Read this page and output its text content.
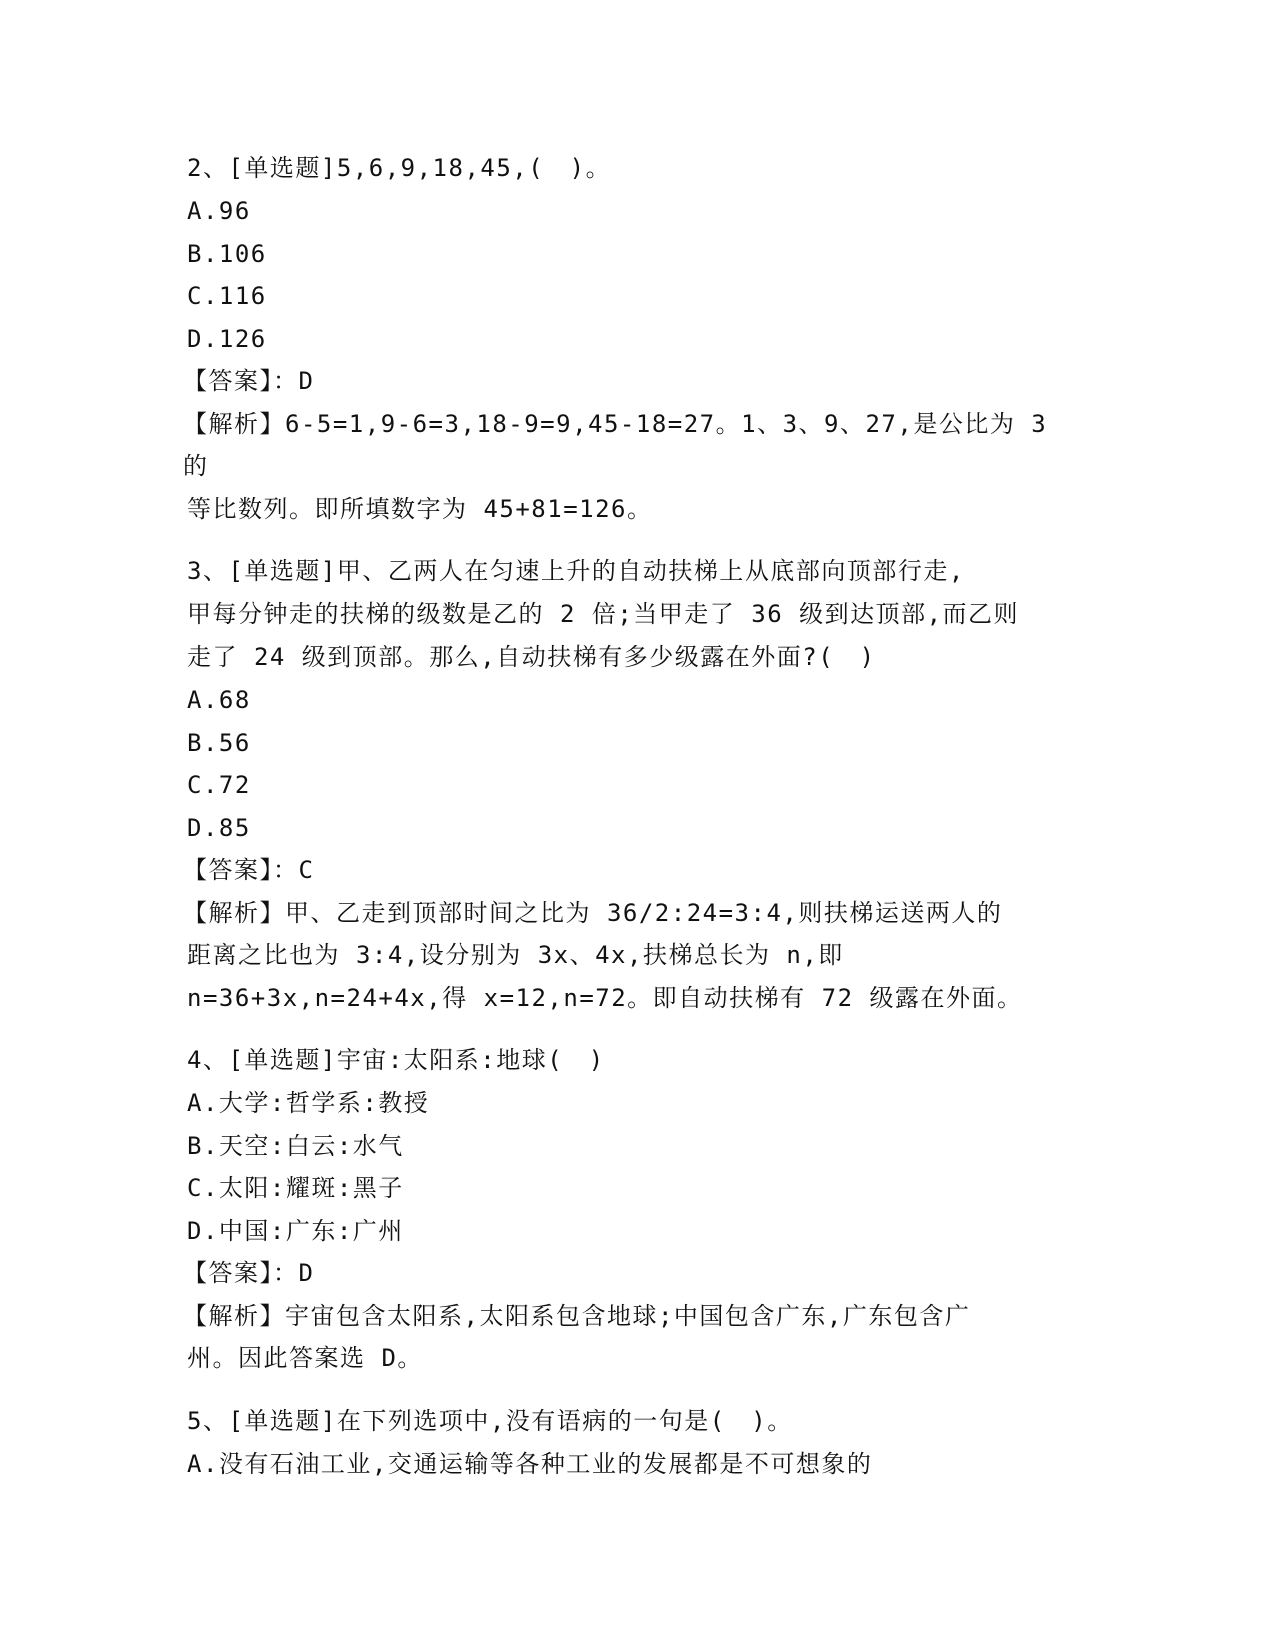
2、[单选题]5,6,9,18,45,(　)。

A.96

B.106

C.116

D.126

【答案】：D

【解析】6-5=1,9-6=3,18-9=9,45-18=27。1、3、9、27,是公比为 3 的

等比数列。即所填数字为 45+81=126。

3、[单选题]甲、乙两人在匀速上升的自动扶梯上从底部向顶部行走,

甲每分钟走的扶梯的级数是乙的 2 倍;当甲走了 36 级到达顶部,而乙则

走了 24 级到顶部。那么,自动扶梯有多少级露在外面?(　)

A.68

B.56

C.72

D.85

【答案】：C

【解析】甲、乙走到顶部时间之比为 36/2:24=3:4,则扶梯运送两人的

距离之比也为 3:4,设分别为 3x、4x,扶梯总长为 n,即

n=36+3x,n=24+4x,得 x=12,n=72。即自动扶梯有 72 级露在外面。

4、[单选题]宇宙:太阳系:地球(　)

A.大学:哲学系:教授

B.天空:白云:水气

C.太阳:耀斑:黑子

D.中国:广东:广州

【答案】：D

【解析】宇宙包含太阳系,太阳系包含地球;中国包含广东,广东包含广

州。因此答案选 D。

5、[单选题]在下列选项中,没有语病的一句是(　)。

A.没有石油工业,交通运输等各种工业的发展都是不可想象的
